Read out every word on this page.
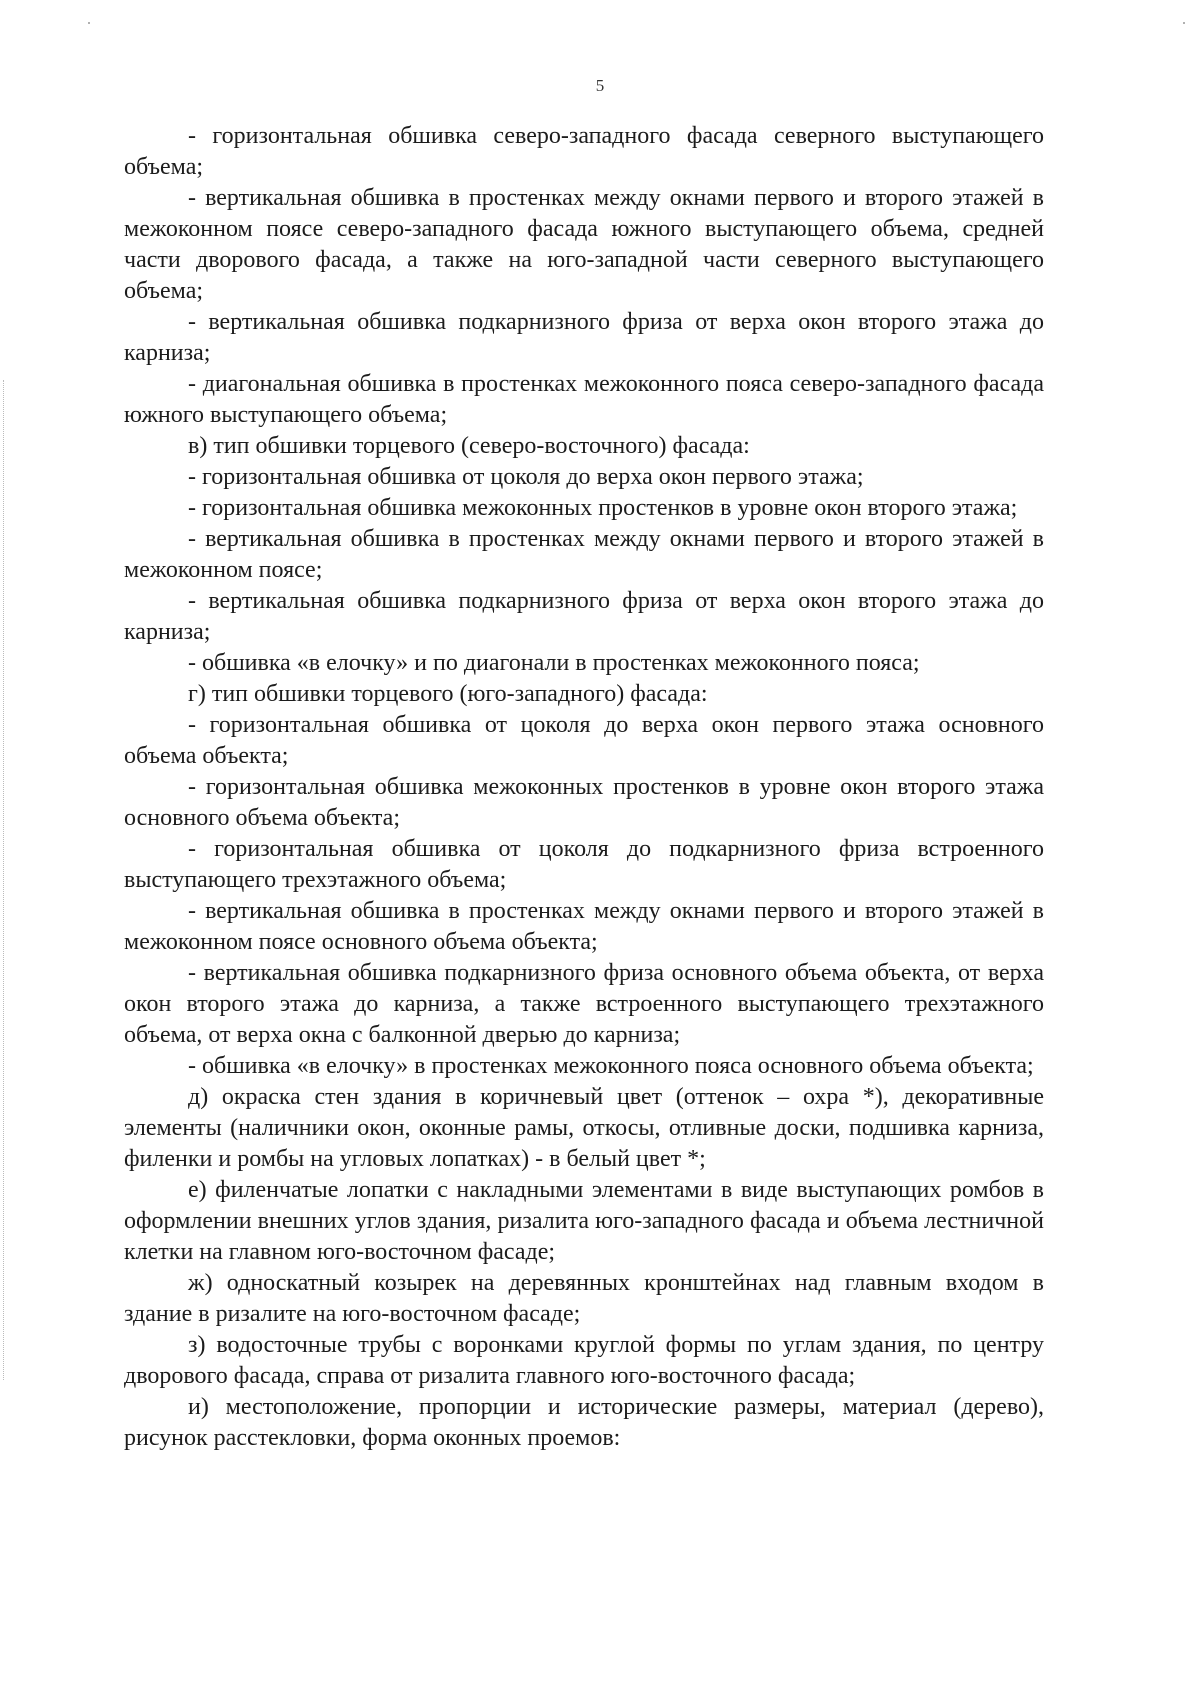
5

- горизонтальная обшивка северо-западного фасада северного выступающего объема;

- вертикальная обшивка в простенках между окнами первого и второго этажей в межоконном поясе северо-западного фасада южного выступающего объема, средней части дворового фасада, а также на юго-западной части северного выступающего объема;

- вертикальная обшивка подкарнизного фриза от верха окон второго этажа до карниза;

- диагональная обшивка в простенках межоконного пояса северо-западного фасада южного выступающего объема;

в) тип обшивки торцевого (северо-восточного) фасада:

- горизонтальная обшивка от цоколя до верха окон первого этажа;

- горизонтальная обшивка межоконных простенков в уровне окон второго этажа;

- вертикальная обшивка в простенках между окнами первого и второго этажей в межоконном поясе;

- вертикальная обшивка подкарнизного фриза от верха окон второго этажа до карниза;

- обшивка «в елочку» и по диагонали в простенках межоконного пояса;

г) тип обшивки торцевого (юго-западного) фасада:

- горизонтальная обшивка от цоколя до верха окон первого этажа основного объема объекта;

- горизонтальная обшивка межоконных простенков в уровне окон второго этажа основного объема объекта;

- горизонтальная обшивка от цоколя до подкарнизного фриза встроенного выступающего трехэтажного объема;

- вертикальная обшивка в простенках между окнами первого и второго этажей в межоконном поясе основного объема объекта;

- вертикальная обшивка подкарнизного фриза основного объема объекта, от верха окон второго этажа до карниза, а также встроенного выступающего трехэтажного объема, от верха окна с балконной дверью до карниза;

- обшивка «в елочку» в простенках межоконного пояса основного объема объекта;

д) окраска стен здания в коричневый цвет (оттенок – охра *), декоративные элементы (наличники окон, оконные рамы, откосы, отливные доски, подшивка карниза, филенки и ромбы на угловых лопатках) - в белый цвет *;

е) филенчатые лопатки с накладными элементами в виде выступающих ромбов в оформлении внешних углов здания, ризалита юго-западного фасада и объема лестничной клетки на главном юго-восточном фасаде;

ж) односкатный козырек на деревянных кронштейнах над главным входом в здание в ризалите на юго-восточном фасаде;

з) водосточные трубы с воронками круглой формы по углам здания, по центру дворового фасада, справа от ризалита главного юго-восточного фасада;

и) местоположение, пропорции и исторические размеры, материал (дерево), рисунок расстекловки, форма оконных проемов:
